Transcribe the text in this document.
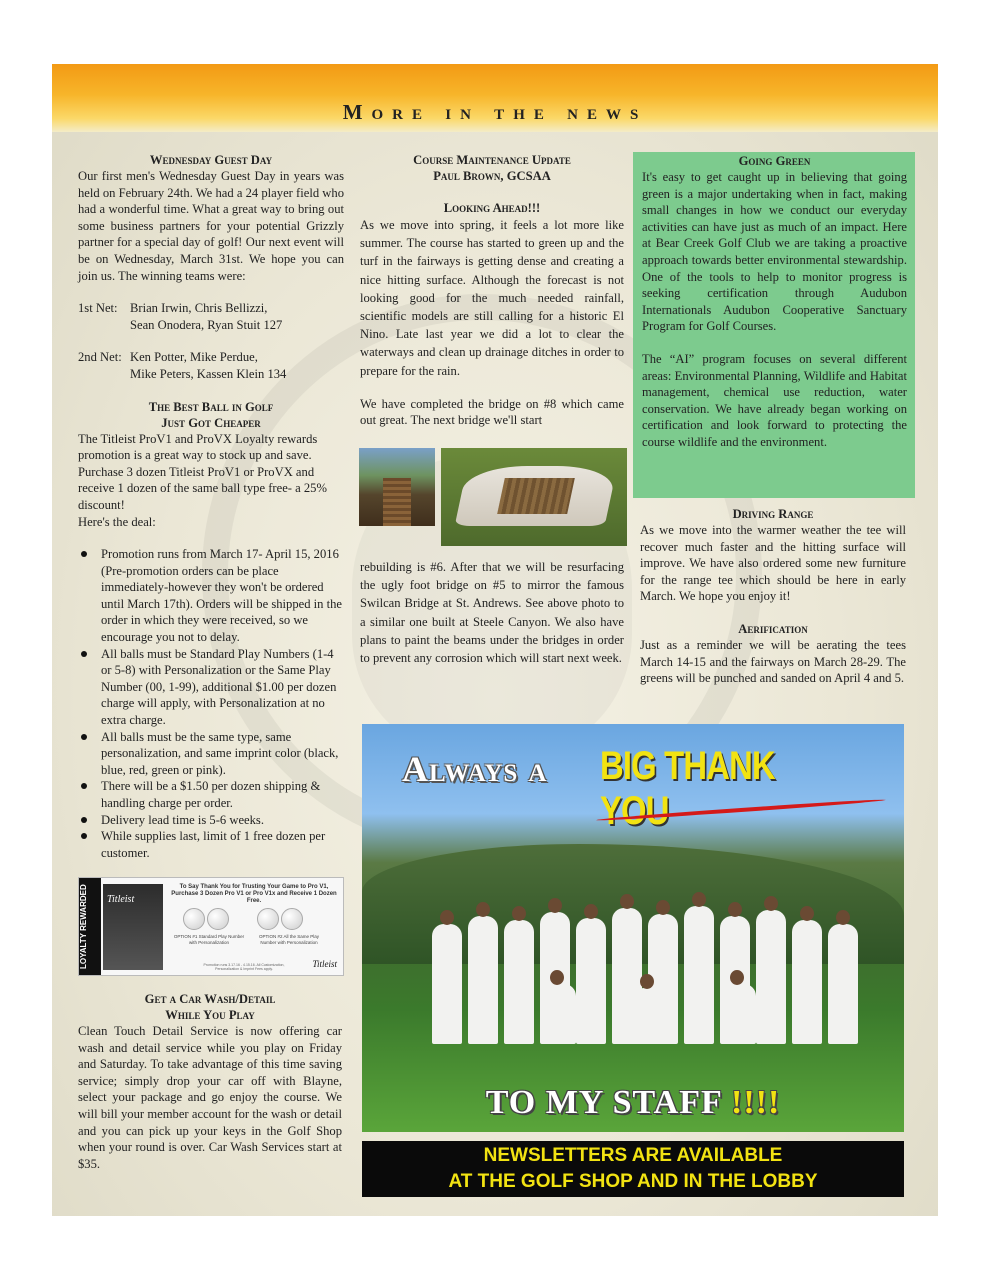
More in the news
Wednesday Guest Day

Our first men's Wednesday Guest Day in years was held on February 24th. We had a 24 player field who had a wonderful time. What a great way to bring out some business partners for your potential Grizzly partner for a special day of golf! Our next event will be on Wednesday, March 31st. We hope you can join us. The winning teams were:

1st Net: Brian Irwin, Chris Bellizzi,
Sean Onodera, Ryan Stuit 127
2nd Net: Ken Potter, Mike Perdue,
Mike Peters, Kassen Klein 134
The Best Ball in Golf
Just Got Cheaper

The Titleist ProV1 and ProVX Loyalty rewards promotion is a great way to stock up and save. Purchase 3 dozen Titleist ProV1 or ProVX and receive 1 dozen of the same ball type free- a 25% discount!

Here's the deal:

Promotion runs from March 17- April 15, 2016 (Pre-promotion orders can be place immediately-however they won't be ordered until March 17th). Orders will be shipped in the order in which they were received, so we encourage you not to delay.
All balls must be Standard Play Numbers (1-4 or 5-8) with Personalization or the Same Play Number (00, 1-99), additional $1.00 per dozen charge will apply, with Personalization at no extra charge.
All balls must be the same type, same personalization, and same imprint color (black, blue, red, green or pink).
There will be a $1.50 per dozen shipping & handling charge per order.
Delivery lead time is 5-6 weeks.
While supplies last, limit of 1 free dozen per customer.
LOYALTY REWARDED	Titleist
To Say Thank You for Trusting Your Game to Pro V1, Purchase 3 Dozen Pro V1 or Pro V1x and Receive 1 Dozen Free.
OPTION #1 Standard Play Number with Personalization
OPTION #2 All the Same Play Number with Personalization
Promotion runs 3.17.16 - 4.15.16. All Customization, Personalization & Imprint Fees apply.	Titleist
Get a Car Wash/Detail
While You Play

Clean Touch Detail Service is now offering car wash and detail service while you play on Friday and Saturday. To take advantage of this time saving service; simply drop your car off with Blayne, select your package and go enjoy the course. We will bill your member account for the wash or detail and you can pick up your keys in the Golf Shop when your round is over. Car Wash Services start at $35.

Course Maintenance Update
Paul Brown, GCSAA
Looking Ahead!!!

As we move into spring, it feels a lot more like summer. The course has started to green up and the turf in the fairways is getting dense and creating a nice hitting surface. Although the forecast is not looking good for the much needed rainfall, scientific models are still calling for a historic El Nino. Late last year we did a lot to clear the waterways and clean up drainage ditches in order to prepare for the rain.

We have completed the bridge on #8 which came out great. The next bridge we'll start

rebuilding is #6. After that we will be resurfacing the ugly foot bridge on #5 to mirror the famous Swilcan Bridge at St. Andrews. See above photo to a similar one built at Steele Canyon. We also have plans to paint the beams under the bridges in order to prevent any corrosion which will start next week.

Going Green

It's easy to get caught up in believing that going green is a major undertaking when in fact, making small changes in how we conduct our everyday activities can have just as much of an impact. Here at Bear Creek Golf Club we are taking a proactive approach towards better environmental stewardship. One of the tools to help to monitor progress is seeking certification through Audubon Internationals Audubon Cooperative Sanctuary Program for Golf Courses.

The “AI” program focuses on several different areas: Environmental Planning, Wildlife and Habitat management, chemical use reduction, water conservation. We have already began working on certification and look forward to protecting the course wildlife and the environment.

Driving Range

As we move into the warmer weather the tee will recover much faster and the hitting surface will improve. We have also ordered some new furniture for the range tee which should be here in early March. We hope you enjoy it!

Aerification

Just as a reminder we will be aerating the tees March 14-15 and the fairways on March 28-29. The greens will be punched and sanded on April 4 and 5.

Always a BIG THANK YOU
TO MY STAFF !!!!
NEWSLETTERS ARE AVAILABLE
AT THE GOLF SHOP AND IN THE LOBBY
